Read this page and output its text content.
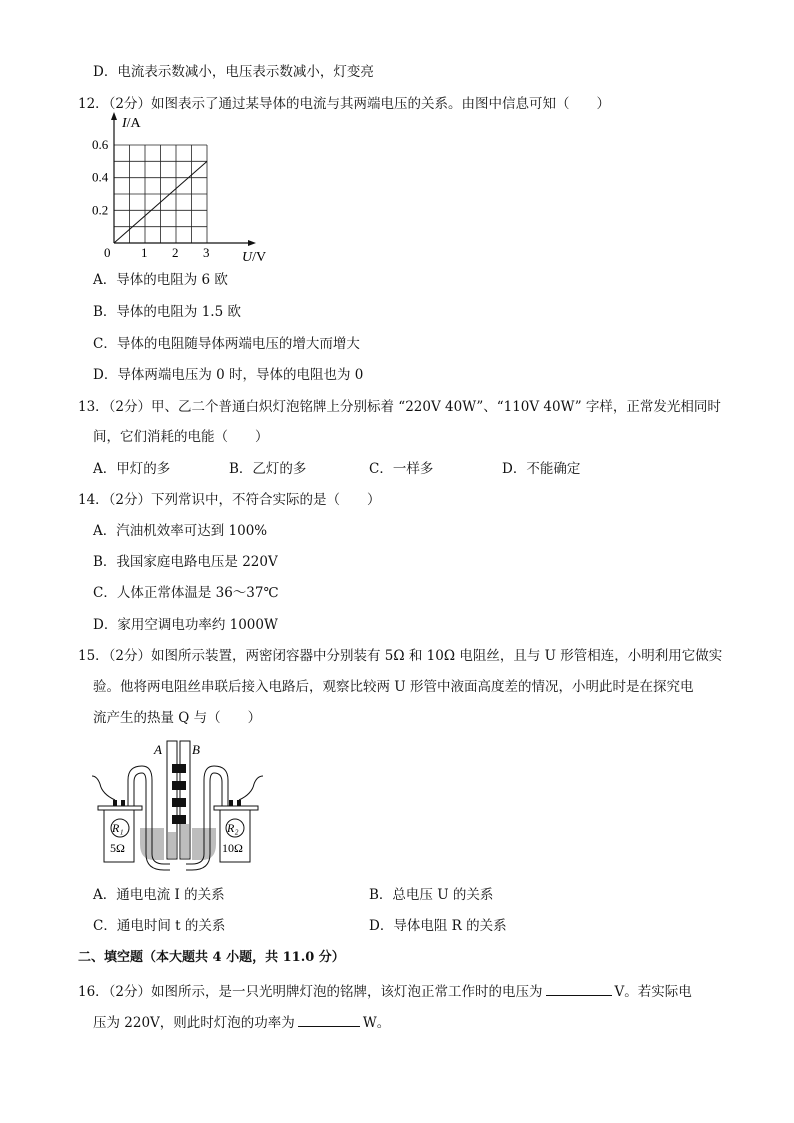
D．电流表示数减小，电压表示数减小，灯变亮
12．（2分）如图表示了通过某导体的电流与其两端电压的关系。由图中信息可知（　　）
I/A
U/V
0 1 2 3
0.2
0.4
0.6
A．导体的电阻为 6 欧
B．导体的电阻为 1.5 欧
C．导体的电阻随导体两端电压的增大而增大
D．导体两端电压为 0 时，导体的电阻也为 0
13．（2分）甲、乙二个普通白炽灯泡铭牌上分别标着 “220V 40W”、“110V 40W” 字样，正常发光相同时
间，它们消耗的电能（　　）
A．甲灯的多	B．乙灯的多	C．一样多	D．不能确定
14．（2分）下列常识中，不符合实际的是（　　）
A．汽油机效率可达到 100%
B．我国家庭电路电压是 220V
C．人体正常体温是 36～37℃
D．家用空调电功率约 1000W
15．（2分）如图所示装置，两密闭容器中分别装有 5Ω 和 10Ω 电阻丝，且与 U 形管相连，小明利用它做实
验。他将两电阻丝串联后接入电路后，观察比较两 U 形管中液面高度差的情况，小明此时是在探究电
流产生的热量 Q 与（　　）
A B
R₁
5Ω
R₂
10Ω
A．通电电流 I 的关系	B．总电压 U 的关系
C．通电时间 t 的关系	D．导体电阻 R 的关系
二、填空题（本大题共 4 小题，共 11.0 分）
16．（2分）如图所示，是一只光明牌灯泡的铭牌，该灯泡正常工作时的电压为	V。若实际电
压为 220V，则此时灯泡的功率为	W。
